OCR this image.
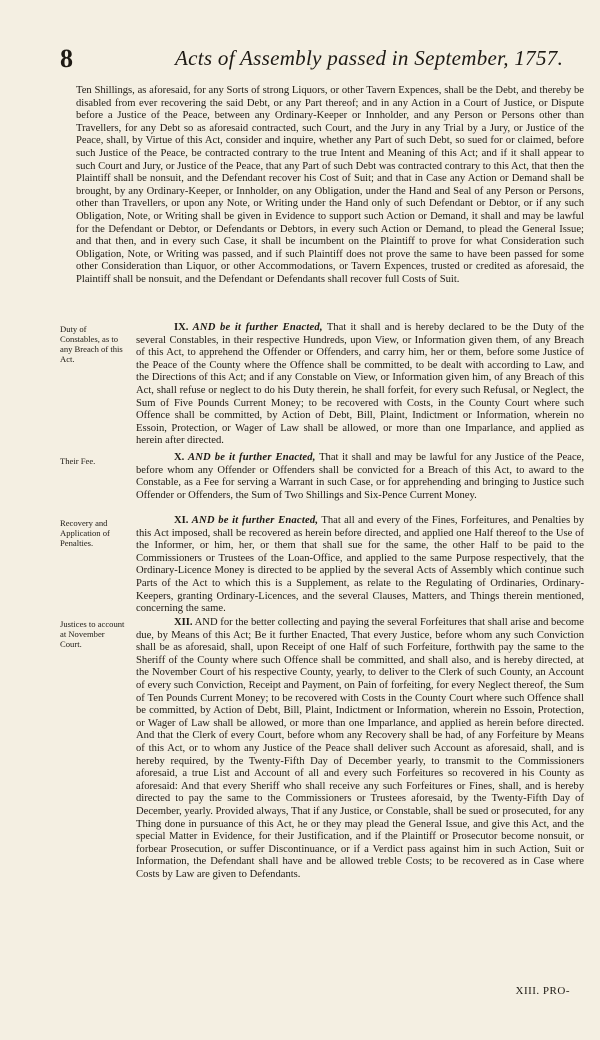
8	Acts of Assembly passed in September, 1757.

Ten Shillings, as aforesaid, for any Sorts of strong Liquors, or other Tavern Expences, shall be the Debt, and thereby be disabled from ever recovering the said Debt, or any Part thereof; and in any Action in a Court of Justice, or Dispute before a Justice of the Peace, between any Ordinary-Keeper or Innholder, and any Person or Persons other than Travellers, for any Debt so as aforesaid contracted, such Court, and the Jury in any Trial by a Jury, or Justice of the Peace, shall, by Virtue of this Act, consider and inquire, whether any Part of such Debt, so sued for or claimed, before such Justice of the Peace, be contracted contrary to the true Intent and Meaning of this Act; and if it shall appear to such Court and Jury, or Justice of the Peace, that any Part of such Debt was contracted contrary to this Act, that then the Plaintiff shall be nonsuit, and the Defendant recover his Cost of Suit; and that in Case any Action or Demand shall be brought, by any Ordinary-Keeper, or Innholder, on any Obligation, under the Hand and Seal of any Person or Persons, other than Travellers, or upon any Note, or Writing under the Hand only of such Defendant or Debtor, or if any such Obligation, Note, or Writing shall be given in Evidence to support such Action or Demand, it shall and may be lawful for the Defendant or Debtor, or Defendants or Debtors, in every such Action or Demand, to plead the General Issue; and that then, and in every such Case, it shall be incumbent on the Plaintiff to prove for what Consideration such Obligation, Note, or Writing was passed, and if such Plaintiff does not prove the same to have been passed for some other Consideration than Liquor, or other Accommodations, or Tavern Expences, trusted or credited as aforesaid, the Plaintiff shall be nonsuit, and the Defendant or Defendants shall recover full Costs of Suit.

Duty of Constables, as to any Breach of this Act.

IX. AND be it further Enacted, That it shall and is hereby declared to be the Duty of the several Constables, in their respective Hundreds, upon View, or Information given them, of any Breach of this Act, to apprehend the Offender or Offenders, and carry him, her or them, before some Justice of the Peace of the County where the Offence shall be committed, to be dealt with according to Law, and the Directions of this Act; and if any Constable on View, or Information given him, of any Breach of this Act, shall refuse or neglect to do his Duty therein, he shall forfeit, for every such Refusal, or Neglect, the Sum of Five Pounds Current Money; to be recovered with Costs, in the County Court where such Offence shall be committed, by Action of Debt, Bill, Plaint, Indictment or Information, wherein no Essoin, Protection, or Wager of Law shall be allowed, or more than one Imparlance, and applied as herein after directed.

Their Fee.	X. AND be it further Enacted, That it shall and may be lawful for any Justice of the Peace, before whom any Offender or Offenders shall be convicted for a Breach of this Act, to award to the Constable, as a Fee for serving a Warrant in such Case, or for apprehending and bringing to Justice such Offender or Offenders, the Sum of Two Shillings and Six-Pence Current Money.

Recovery and Application of Penalties.

XI. AND be it further Enacted, That all and every of the Fines, Forfeitures, and Penalties by this Act imposed, shall be recovered as herein before directed, and applied one Half thereof to the Use of the Informer, or him, her, or them that shall sue for the same, the other Half to be paid to the Commissioners or Trustees of the Loan-Office, and applied to the same Purpose respectively, that the Ordinary-Licence Money is directed to be applied by the several Acts of Assembly which continue such Parts of the Act to which this is a Supplement, as relate to the Regulating of Ordinaries, Ordinary-Keepers, granting Ordinary-Licences, and the several Clauses, Matters, and Things therein mentioned, concerning the same.

Justices to account at November Court.

XII. AND for the better collecting and paying the several Forfeitures that shall arise and become due, by Means of this Act; Be it further Enacted, That every Justice, before whom any such Conviction shall be as aforesaid, shall, upon Receipt of one Half of such Forfeiture, forthwith pay the same to the Sheriff of the County where such Offence shall be committed, and shall also, and is hereby directed, at the November Court of his respective County, yearly, to deliver to the Clerk of such County, an Account of every such Conviction, Receipt and Payment, on Pain of forfeiting, for every Neglect thereof, the Sum of Ten Pounds Current Money; to be recovered with Costs in the County Court where such Offence shall be committed, by Action of Debt, Bill, Plaint, Indictment or Information, wherein no Essoin, Protection, or Wager of Law shall be allowed, or more than one Imparlance, and applied as herein before directed. And that the Clerk of every Court, before whom any Recovery shall be had, of any Forfeiture by Means of this Act, or to whom any Justice of the Peace shall deliver such Account as aforesaid, shall, and is hereby required, by the Twenty-Fifth Day of December yearly, to transmit to the Commissioners aforesaid, a true List and Account of all and every such Forfeitures so recovered in his County as aforesaid: And that every Sheriff who shall receive any such Forfeitures or Fines, shall, and is hereby directed to pay the same to the Commissioners or Trustees aforesaid, by the Twenty-Fifth Day of December, yearly. Provided always, That if any Justice, or Constable, shall be sued or prosecuted, for any Thing done in pursuance of this Act, he or they may plead the General Issue, and give this Act, and the special Matter in Evidence, for their Justification, and if the Plaintiff or Prosecutor become nonsuit, or forbear Prosecution, or suffer Discontinuance, or if a Verdict pass against him in such Action, Suit or Information, the Defendant shall have and be allowed treble Costs; to be recovered as in Case where Costs by Law are given to Defendants.

XIII. PRO-
